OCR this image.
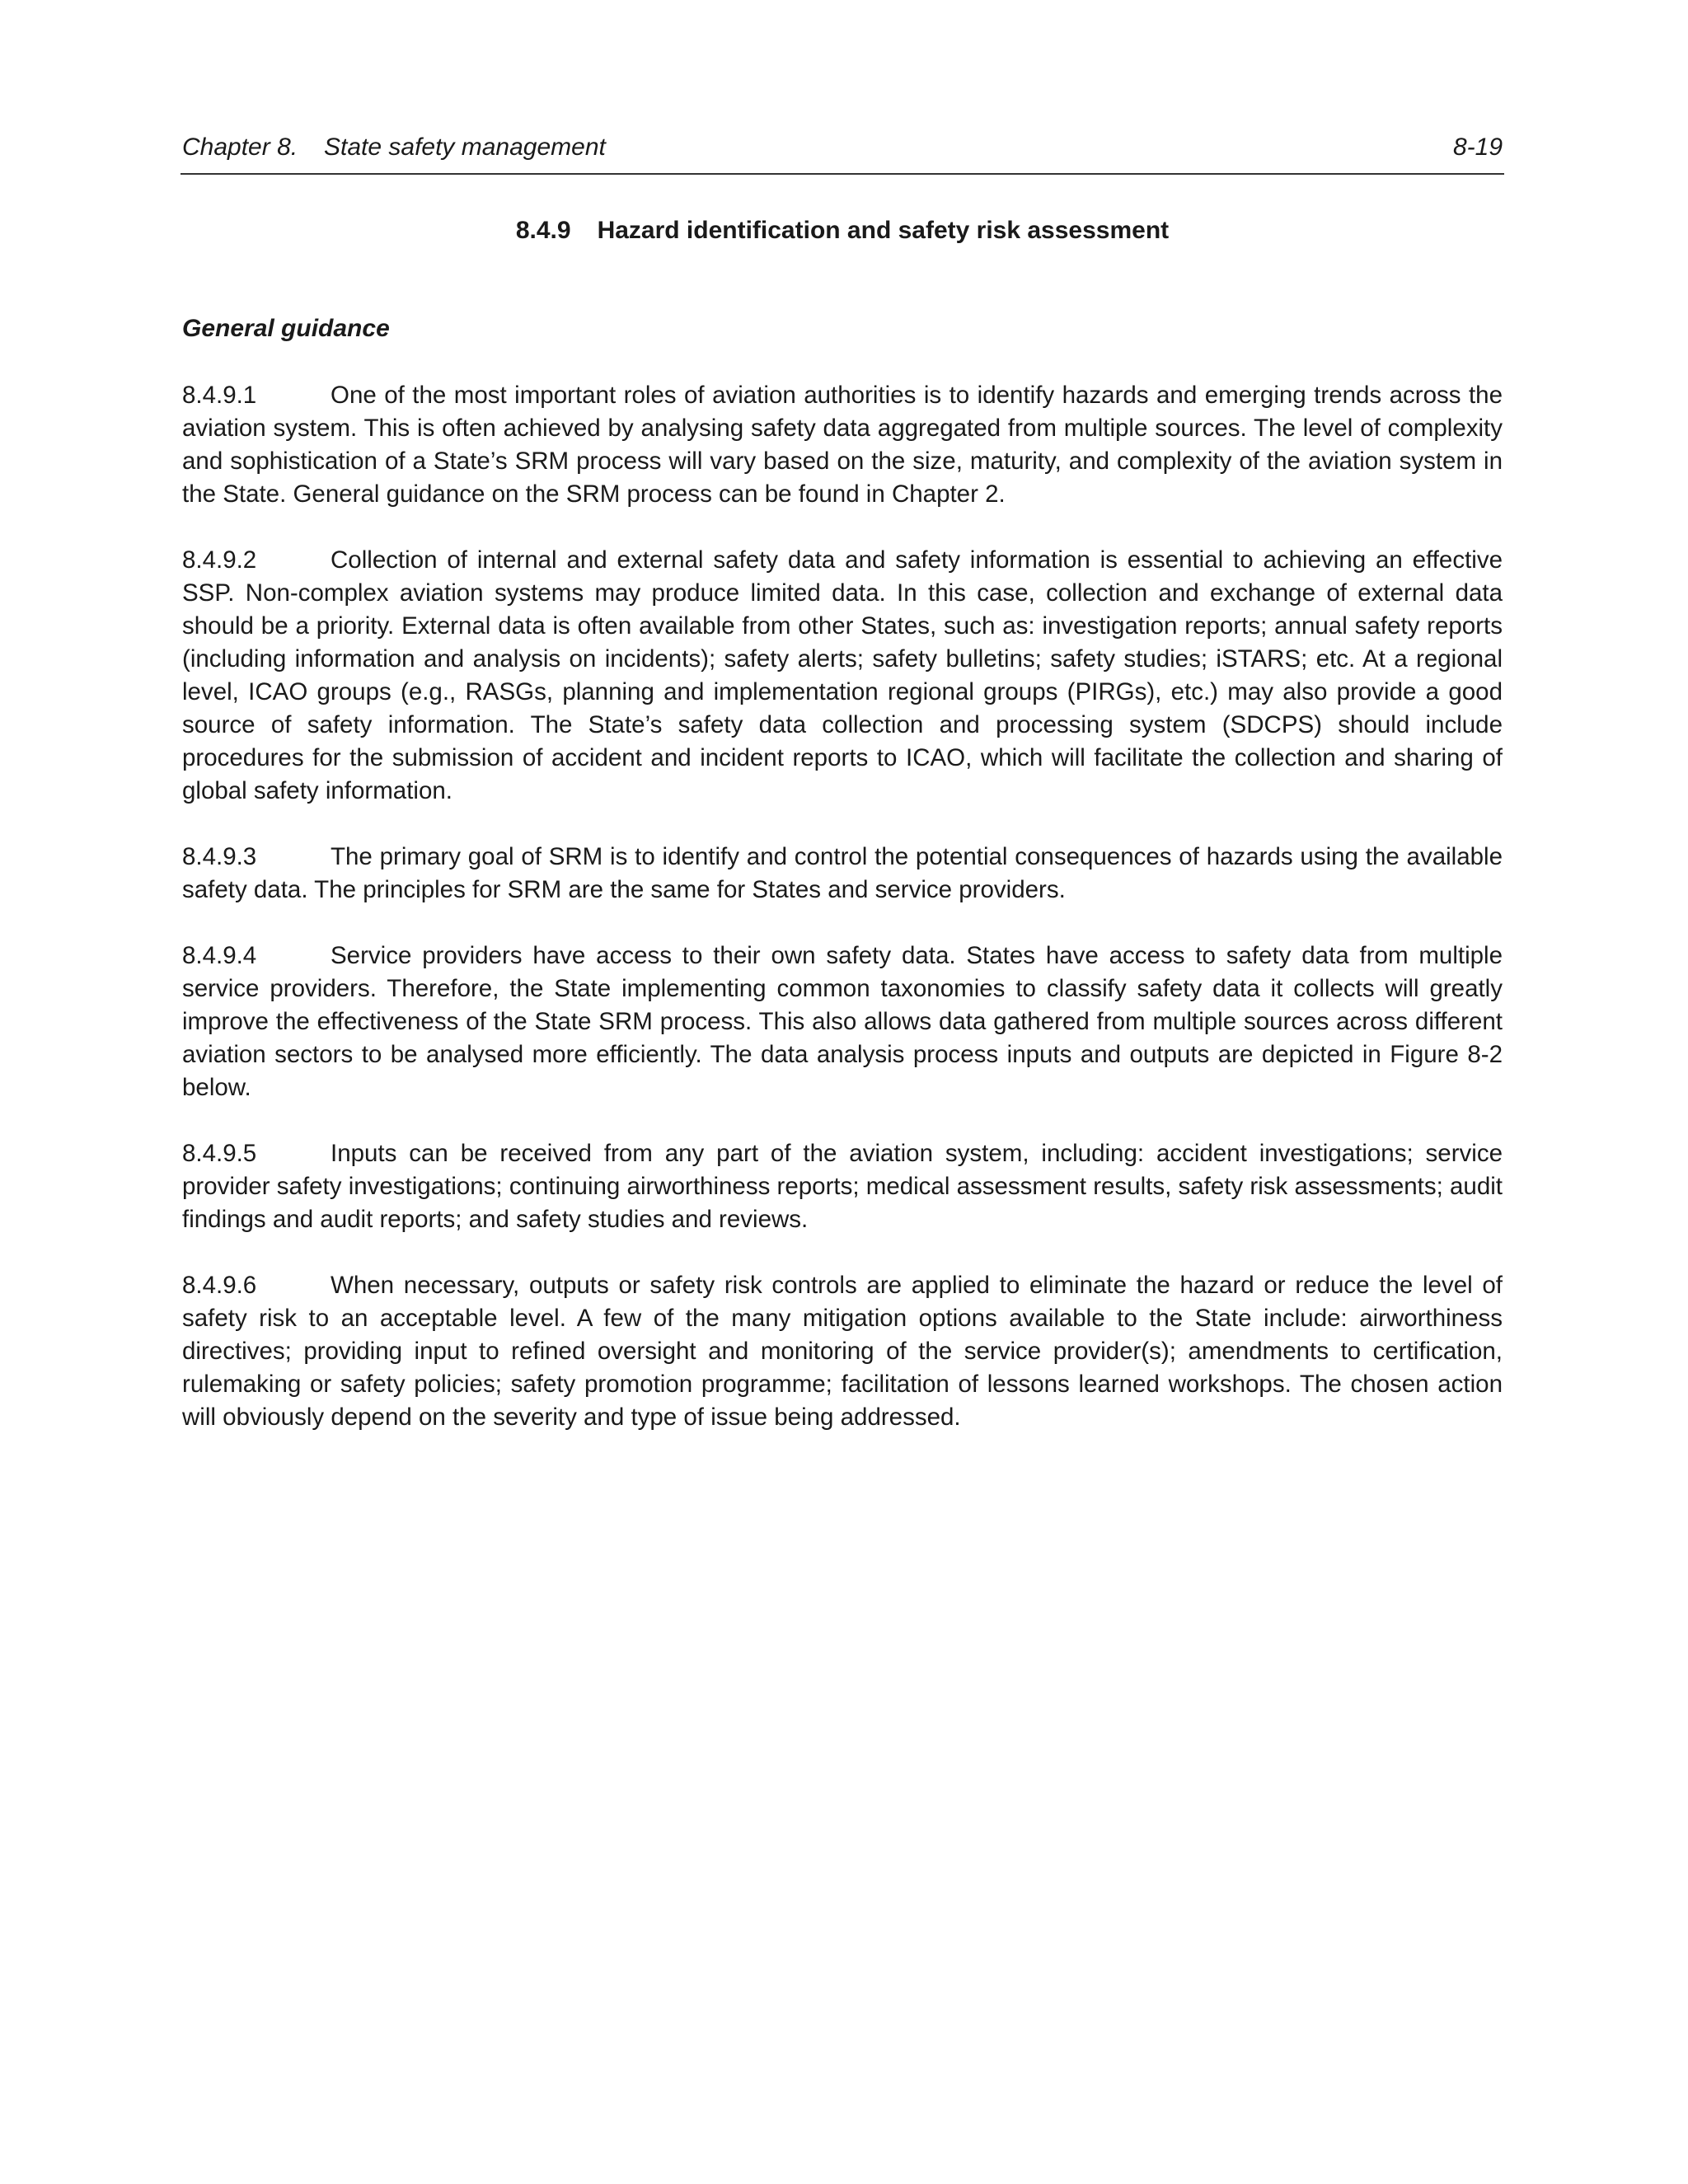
Chapter 8. State safety management	8-19
8.4.9 Hazard identification and safety risk assessment
General guidance

8.4.9.1	One of the most important roles of aviation authorities is to identify hazards and emerging trends across the aviation system. This is often achieved by analysing safety data aggregated from multiple sources. The level of complexity and sophistication of a State’s SRM process will vary based on the size, maturity, and complexity of the aviation system in the State. General guidance on the SRM process can be found in Chapter 2.

8.4.9.2	Collection of internal and external safety data and safety information is essential to achieving an effective SSP. Non-complex aviation systems may produce limited data. In this case, collection and exchange of external data should be a priority. External data is often available from other States, such as: investigation reports; annual safety reports (including information and analysis on incidents); safety alerts; safety bulletins; safety studies; iSTARS; etc. At a regional level, ICAO groups (e.g., RASGs, planning and implementation regional groups (PIRGs), etc.) may also provide a good source of safety information. The State’s safety data collection and processing system (SDCPS) should include procedures for the submission of accident and incident reports to ICAO, which will facilitate the collection and sharing of global safety information.

8.4.9.3	The primary goal of SRM is to identify and control the potential consequences of hazards using the available safety data. The principles for SRM are the same for States and service providers.

8.4.9.4	Service providers have access to their own safety data. States have access to safety data from multiple service providers. Therefore, the State implementing common taxonomies to classify safety data it collects will greatly improve the effectiveness of the State SRM process. This also allows data gathered from multiple sources across different aviation sectors to be analysed more efficiently. The data analysis process inputs and outputs are depicted in Figure 8-2 below.

8.4.9.5	Inputs can be received from any part of the aviation system, including: accident investigations; service provider safety investigations; continuing airworthiness reports; medical assessment results, safety risk assessments; audit findings and audit reports; and safety studies and reviews.

8.4.9.6	When necessary, outputs or safety risk controls are applied to eliminate the hazard or reduce the level of safety risk to an acceptable level. A few of the many mitigation options available to the State include: airworthiness directives; providing input to refined oversight and monitoring of the service provider(s); amendments to certification, rulemaking or safety policies; safety promotion programme; facilitation of lessons learned workshops. The chosen action will obviously depend on the severity and type of issue being addressed.
